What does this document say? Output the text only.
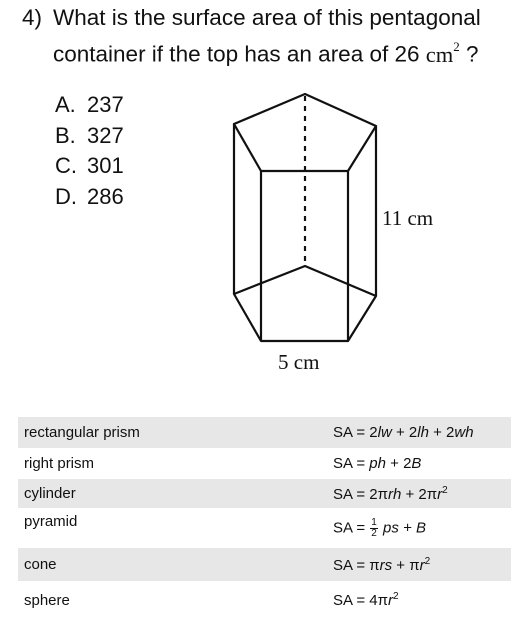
4) What is the surface area of this pentagonal container if the top has an area of 26 $cm^2$ ?
A. 237
B. 327
C. 301
D. 286
11 cm
5 cm
rectangular prism	SA = 2lw + 2lh + 2wh
right prism	SA = ph + 2B
cylinder	SA = $2\pi rh + 2\pi r^2$
pyramid	SA = $\frac{1}{2}$ ps + B
cone	SA = $\pi rs + \pi r^2$
sphere	SA = $4\pi r^2$
